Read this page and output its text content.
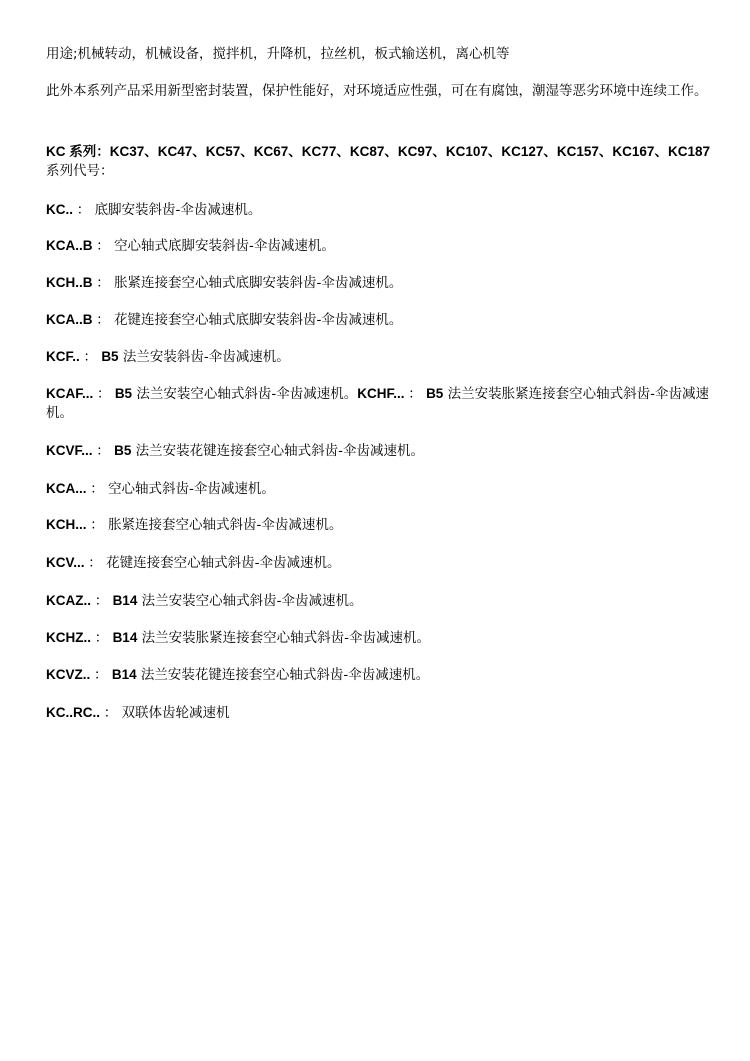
用途;机械转动，机械设备，搅拌机，升降机，拉丝机，板式输送机，离心机等
此外本系列产品采用新型密封装置，保护性能好，对环境适应性强，可在有腐蚀，潮湿等恶劣环境中连续工作。
KC 系列：KC37、KC47、KC57、KC67、KC77、KC87、KC97、KC107、KC127、KC157、KC167、KC187
系列代号：
KC.. ： 底脚安装斜齿-伞齿减速机。
KCA..B ： 空心轴式底脚安装斜齿-伞齿减速机。
KCH..B ： 胀紧连接套空心轴式底脚安装斜齿-伞齿减速机。
KCA..B ： 花键连接套空心轴式底脚安装斜齿-伞齿减速机。
KCF.. ： B5 法兰安装斜齿-伞齿减速机。
KCAF... ： B5 法兰安装空心轴式斜齿-伞齿减速机。KCHF... ： B5 法兰安装胀紧连接套空心轴式斜齿-伞齿减速机。
KCVF... ： B5 法兰安装花键连接套空心轴式斜齿-伞齿减速机。
KCA... ： 空心轴式斜齿-伞齿减速机。
KCH... ： 胀紧连接套空心轴式斜齿-伞齿减速机。
KCV... ： 花键连接套空心轴式斜齿-伞齿减速机。
KCAZ.. ： B14 法兰安装空心轴式斜齿-伞齿减速机。
KCHZ.. ： B14 法兰安装胀紧连接套空心轴式斜齿-伞齿减速机。
KCVZ.. ： B14 法兰安装花键连接套空心轴式斜齿-伞齿减速机。
KC..RC.. ： 双联体齿轮减速机
